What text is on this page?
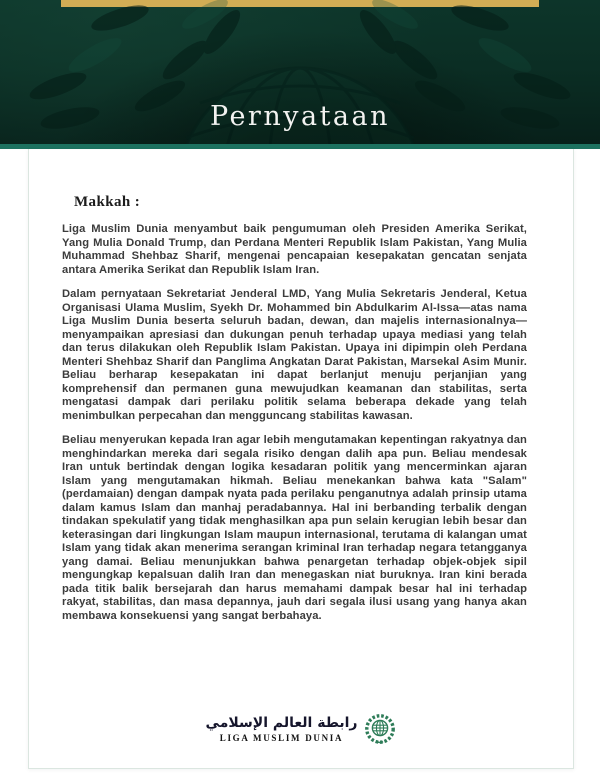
Pernyataan
Makkah :

Liga Muslim Dunia menyambut baik pengumuman oleh Presiden Amerika Serikat, Yang Mulia Donald Trump, dan Perdana Menteri Republik Islam Pakistan, Yang Mulia Muhammad Shehbaz Sharif, mengenai pencapaian kesepakatan gencatan senjata antara Amerika Serikat dan Republik Islam Iran.

Dalam pernyataan Sekretariat Jenderal LMD, Yang Mulia Sekretaris Jenderal, Ketua Organisasi Ulama Muslim, Syekh Dr. Mohammed bin Abdulkarim Al-Issa—atas nama Liga Muslim Dunia beserta seluruh badan, dewan, dan majelis internasionalnya—menyampaikan apresiasi dan dukungan penuh terhadap upaya mediasi yang telah dan terus dilakukan oleh Republik Islam Pakistan. Upaya ini dipimpin oleh Perdana Menteri Shehbaz Sharif dan Panglima Angkatan Darat Pakistan, Marsekal Asim Munir. Beliau berharap kesepakatan ini dapat berlanjut menuju perjanjian yang komprehensif dan permanen guna mewujudkan keamanan dan stabilitas, serta mengatasi dampak dari perilaku politik selama beberapa dekade yang telah menimbulkan perpecahan dan mengguncang stabilitas kawasan.

Beliau menyerukan kepada Iran agar lebih mengutamakan kepentingan rakyatnya dan menghindarkan mereka dari segala risiko dengan dalih apa pun. Beliau mendesak Iran untuk bertindak dengan logika kesadaran politik yang mencerminkan ajaran Islam yang mengutamakan hikmah. Beliau menekankan bahwa kata "Salam" (perdamaian) dengan dampak nyata pada perilaku penganutnya adalah prinsip utama dalam kamus Islam dan manhaj peradabannya. Hal ini berbanding terbalik dengan tindakan spekulatif yang tidak menghasilkan apa pun selain kerugian lebih besar dan keterasingan dari lingkungan Islam maupun internasional, terutama di kalangan umat Islam yang tidak akan menerima serangan kriminal Iran terhadap negara tetangganya yang damai. Beliau menunjukkan bahwa penargetan terhadap objek-objek sipil mengungkap kepalsuan dalih Iran dan menegaskan niat buruknya. Iran kini berada pada titik balik bersejarah dan harus memahami dampak besar hal ini terhadap rakyat, stabilitas, dan masa depannya, jauh dari segala ilusi usang yang hanya akan membawa konsekuensi yang sangat berbahaya.

رابطة العالم الإسلامي
LIGA MUSLIM DUNIA
